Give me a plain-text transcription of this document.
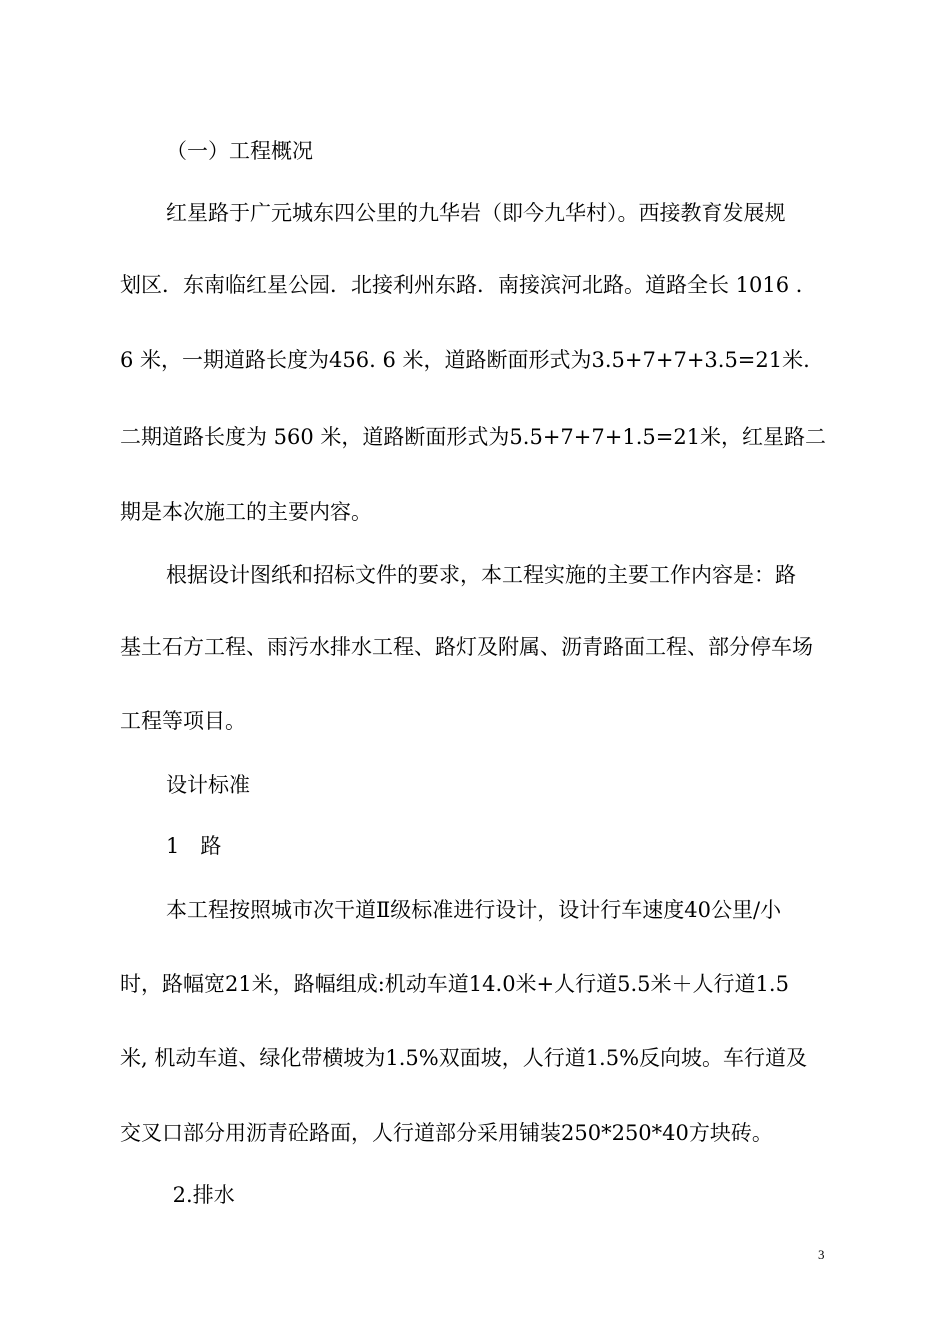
（一）工程概况

红星路于广元城东四公里的九华岩（即今九华村）。西接教育发展规

划区．东南临红星公园．北接利州东路．南接滨河北路。道路全长 1016 ．

6 米，一期道路长度为456. 6 米，道路断面形式为3.5+7+7+3.5=21米.

二期道路长度为 560 米，道路断面形式为5.5+7+7+1.5=21米，红星路二

期是本次施工的主要内容。

根据设计图纸和招标文件的要求，本工程实施的主要工作内容是：路

基土石方工程、雨污水排水工程、路灯及附属、沥青路面工程、部分停车场

工程等项目。

设计标准

1　路

本工程按照城市次干道Ⅱ级标准进行设计，设计行车速度40公里/小

时，路幅宽21米，路幅组成:机动车道14.0米+人行道5.5米＋人行道1.5

米, 机动车道、绿化带横坡为1.5%双面坡，人行道1.5%反向坡。车行道及

交叉口部分用沥青砼路面，人行道部分采用铺装250*250*40方块砖。

2.排水

3
